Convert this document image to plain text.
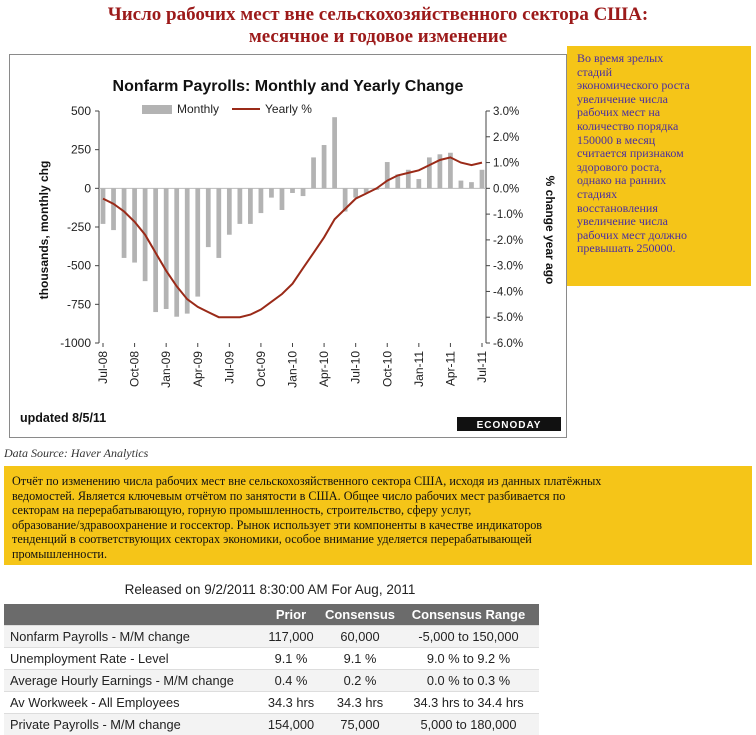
Число рабочих мест вне сельскохозяйственного сектора США:
месячное и годовое изменение
Nonfarm Payrolls: Monthly and Yearly Change
Monthly	Yearly %
500
250
0
-250
-500
-750
-1000
3.0%
2.0%
1.0%
0.0%
-1.0%
-2.0%
-3.0%
-4.0%
-5.0%
-6.0%
thousands, monthly chg	% change year ago
Jul-08 Oct-08 Jan-09 Apr-09 Jul-09 Oct-09 Jan-10 Apr-10 Jul-10 Oct-10 Jan-11 Apr-11 Jul-11
updated 8/5/11
ECONODAY
Во время зрелых
стадий
экономического роста
увеличение числа
рабочих мест на
количество порядка
150000 в месяц
считается признаком
здорового роста,
однако на ранних
стадиях
восстановления
увеличение числа
рабочих мест должно
превышать 250000.
Data Source: Haver Analytics
Отчёт по изменению числа рабочих мест вне сельскохозяйственного сектора США, исходя из данных платёжных
ведомостей. Является ключевым отчётом по занятости в США. Общее число рабочих мест разбивается по
секторам на перерабатывающую, горную промышленность, строительство, сферу услуг,
образование/здравоохранение и госсектор. Рынок использует эти компоненты в качестве индикаторов
тенденций в соответствующих секторах экономики, особое внимание уделяется перерабатывающей
промышленности.
Released on 9/2/2011 8:30:00 AM For Aug, 2011
	Prior	Consensus	Consensus Range
Nonfarm Payrolls - M/M change	117,000	60,000	-5,000 to 150,000
Unemployment Rate - Level	9.1 %	9.1 %	9.0 % to 9.2 %
Average Hourly Earnings - M/M change	0.4 %	0.2 %	0.0 % to 0.3 %
Av Workweek - All Employees	34.3 hrs	34.3 hrs	34.3 hrs to 34.4 hrs
Private Payrolls - M/M change	154,000	75,000	5,000 to 180,000
